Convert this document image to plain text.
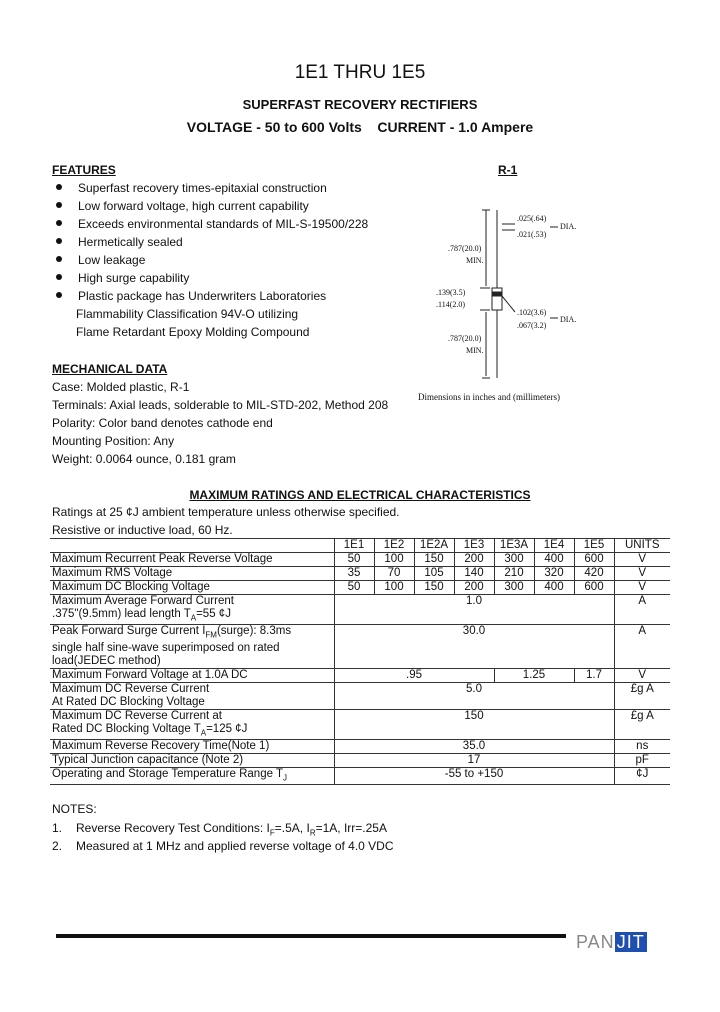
1E1 THRU 1E5
SUPERFAST RECOVERY RECTIFIERS
VOLTAGE - 50 to 600 Volts    CURRENT - 1.0 Ampere
FEATURES
Superfast recovery times-epitaxial construction
Low forward voltage, high current capability
Exceeds environmental standards of MIL-S-19500/228
Hermetically sealed
Low leakage
High surge capability
Plastic package has Underwriters Laboratories
Flammability Classification 94V-O utilizing
Flame Retardant Epoxy Molding Compound
R-1
.025(.64)
.021(.53)
DIA.
.787(20.0)
MIN.
.139(3.5)
.114(2.0)
.102(3.6)
.067(3.2)
DIA.
.787(20.0)
MIN.
Dimensions in inches and (millimeters)
MECHANICAL DATA
Case: Molded plastic, R-1
Terminals: Axial leads, solderable to MIL-STD-202, Method 208
Polarity: Color band denotes cathode end
Mounting Position: Any
Weight: 0.0064 ounce, 0.181 gram
MAXIMUM RATINGS AND ELECTRICAL CHARACTERISTICS
Ratings at 25 ¢J ambient temperature unless otherwise specified.
Resistive or inductive load, 60 Hz.
	1E1	1E2	1E2A	1E3	1E3A	1E4	1E5	UNITS
Maximum Recurrent Peak Reverse Voltage	50	100	150	200	300	400	600	V
Maximum RMS Voltage	35	70	105	140	210	320	420	V
Maximum DC Blocking Voltage	50	100	150	200	300	400	600	V

Maximum Average Forward Current
.375"(9.5mm) lead length $T_A=55$ ¢J	1.0							A

Peak Forward Surge Current $I_{FM}(surge)$: 8.3ms
single half sine-wave superimposed on rated
load(JEDEC method)	30.0							A
Maximum Forward Voltage at 1.0A DC	.95				1.25		1.7	V

Maximum DC Reverse Current
At Rated DC Blocking Voltage	5.0							£g A

Maximum DC Reverse Current at
Rated DC Blocking Voltage $T_A=125$ ¢J	150							£g A
Maximum Reverse Recovery Time(Note 1)	35.0							ns
Typical Junction capacitance (Note 2)	17							pF
Operating and Storage Temperature Range $T_J$	-55 to +150							¢J
NOTES:
1. Reverse Recovery Test Conditions: $I_F=.5A$, $I_R=1A$, Irr=.25A
2. Measured at 1 MHz and applied reverse voltage of 4.0 VDC
PAN JIT
